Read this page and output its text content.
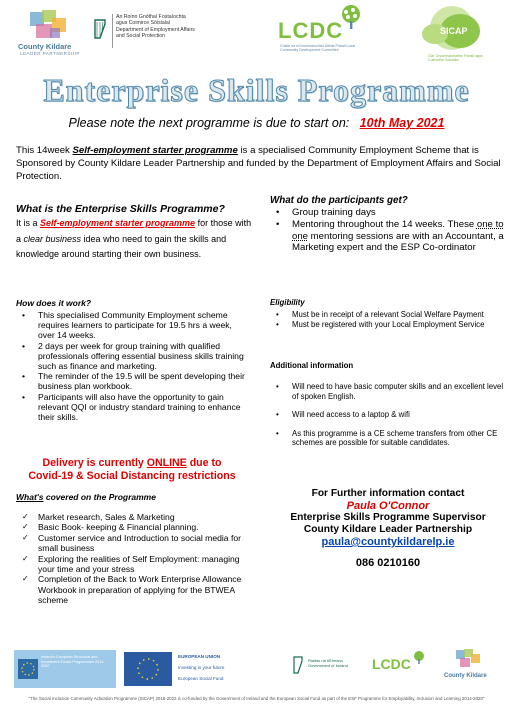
County Kildare
LEADER PARTNERSHIP
An Roinn Gnóthaí Fostaíochta
agus Coimirce Sóisialaí
Department of Employment Affairs
and Social Protection	LCDC
Coiste na nGníomhaíochtaí Áitiúla Pobail Local Community Development Committee
SICAP
Clár Gníomhachtaithe Pobail agus Cuimsithe Sóisialta
Enterprise Skills Programme
Please note the next programme is due to start on: 10th May 2021

This 14week Self-employment starter programme is a specialised Community Employment Scheme that is Sponsored by County Kildare Leader Partnership and funded by the Department of Employment Affairs and Social Protection.

What is the Enterprise Skills Programme?

It is a Self-employment starter programme for those with a clear business idea who need to gain the skills and knowledge around starting their own business.

What do the participants get?
• Group training days
• Mentoring throughout the 14 weeks. These one to one mentoring sessions are with an Accountant, a Marketing expert and the ESP Co-ordinator
How does it work?
• This specialised Community Employment scheme requires learners to participate for 19.5 hrs a week, over 14 weeks.
• 2 days per week for group training with qualified professionals offering essential business skills training such as finance and marketing.
• The reminder of the 19.5 will be spent developing their business plan workbook.
• Participants will also have the opportunity to gain relevant QQI or industry standard training to enhance their skills.
Eligibility
• Must be in receipt of a relevant Social Welfare Payment
• Must be registered with your Local Employment Service
Additional information
• Will need to have basic computer skills and an excellent level of spoken English.
• Will need access to a laptop & wifi
• As this programme is a CE scheme transfers from other CE schemes are possible for suitable candidates.
Delivery is currently ONLINE due to
Covid-19 & Social Distancing restrictions
What's covered on the Programme
✓ Market research, Sales & Marketing
✓ Basic Book- keeping & Financial planning.
✓ Customer service and Introduction to social media for small business
✓ Exploring the realities of Self Employment: managing your time and your stress
✓ Completion of the Back to Work Enterprise Allowance Workbook in preparation of applying for the BTWEA scheme
For Further information contact
Paula O'Connor
Enterprise Skills Programme Supervisor
County Kildare Leader Partnership
paula@countykildarelp.ie
086 0210160
Ireland's European Structural and Investment Funds Programmes 2014-2020
EUROPEAN UNION
Investing in your future
European Social Fund
Rialtas na hÉireann Government of Ireland	LCDC
County Kildare

"The Social Inclusion Community Activation Programme (SICAP) 2018-2022 is co-funded by the Government of Ireland and the European Social Fund as part of the ESF Programme for Employability, Inclusion and Learning 2014-2020"
